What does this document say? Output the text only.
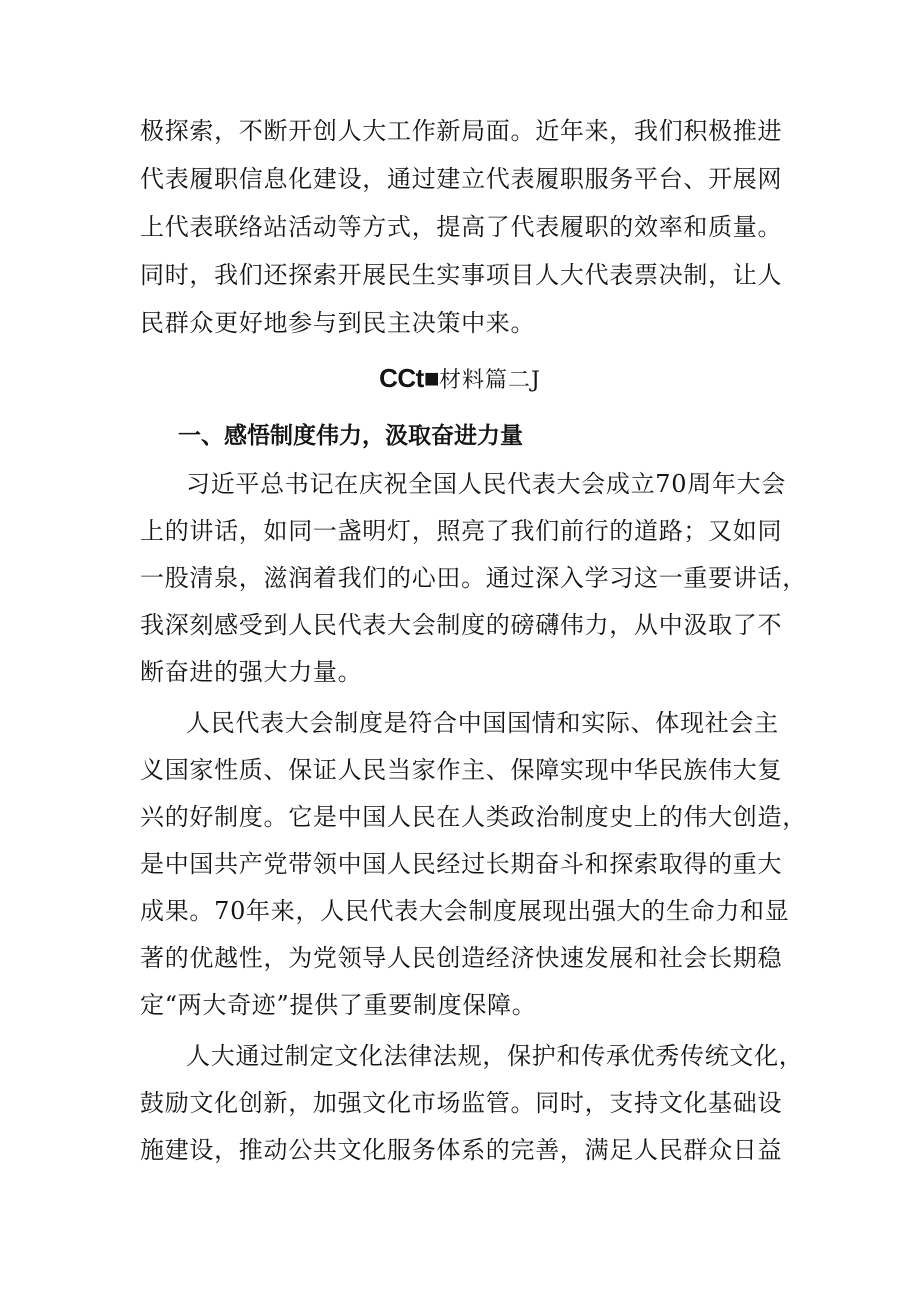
极探索，不断开创人大工作新局面。近年来，我们积极推进
代表履职信息化建设，通过建立代表履职服务平台、开展网
上代表联络站活动等方式，提高了代表履职的效率和质量。
同时，我们还探索开展民生实事项目人大代表票决制，让人
民群众更好地参与到民主决策中来。
CCt■材料篇二J
一、感悟制度伟力，汲取奋进力量
习近平总书记在庆祝全国人民代表大会成立70周年大会
上的讲话，如同一盏明灯，照亮了我们前行的道路；又如同
一股清泉，滋润着我们的心田。通过深入学习这一重要讲话，
我深刻感受到人民代表大会制度的磅礴伟力，从中汲取了不
断奋进的强大力量。
人民代表大会制度是符合中国国情和实际、体现社会主
义国家性质、保证人民当家作主、保障实现中华民族伟大复
兴的好制度。它是中国人民在人类政治制度史上的伟大创造，
是中国共产党带领中国人民经过长期奋斗和探索取得的重大
成果。70年来，人民代表大会制度展现出强大的生命力和显
著的优越性，为党领导人民创造经济快速发展和社会长期稳
定“两大奇迹”提供了重要制度保障。
人大通过制定文化法律法规，保护和传承优秀传统文化，
鼓励文化创新，加强文化市场监管。同时，支持文化基础设
施建设，推动公共文化服务体系的完善，满足人民群众日益
